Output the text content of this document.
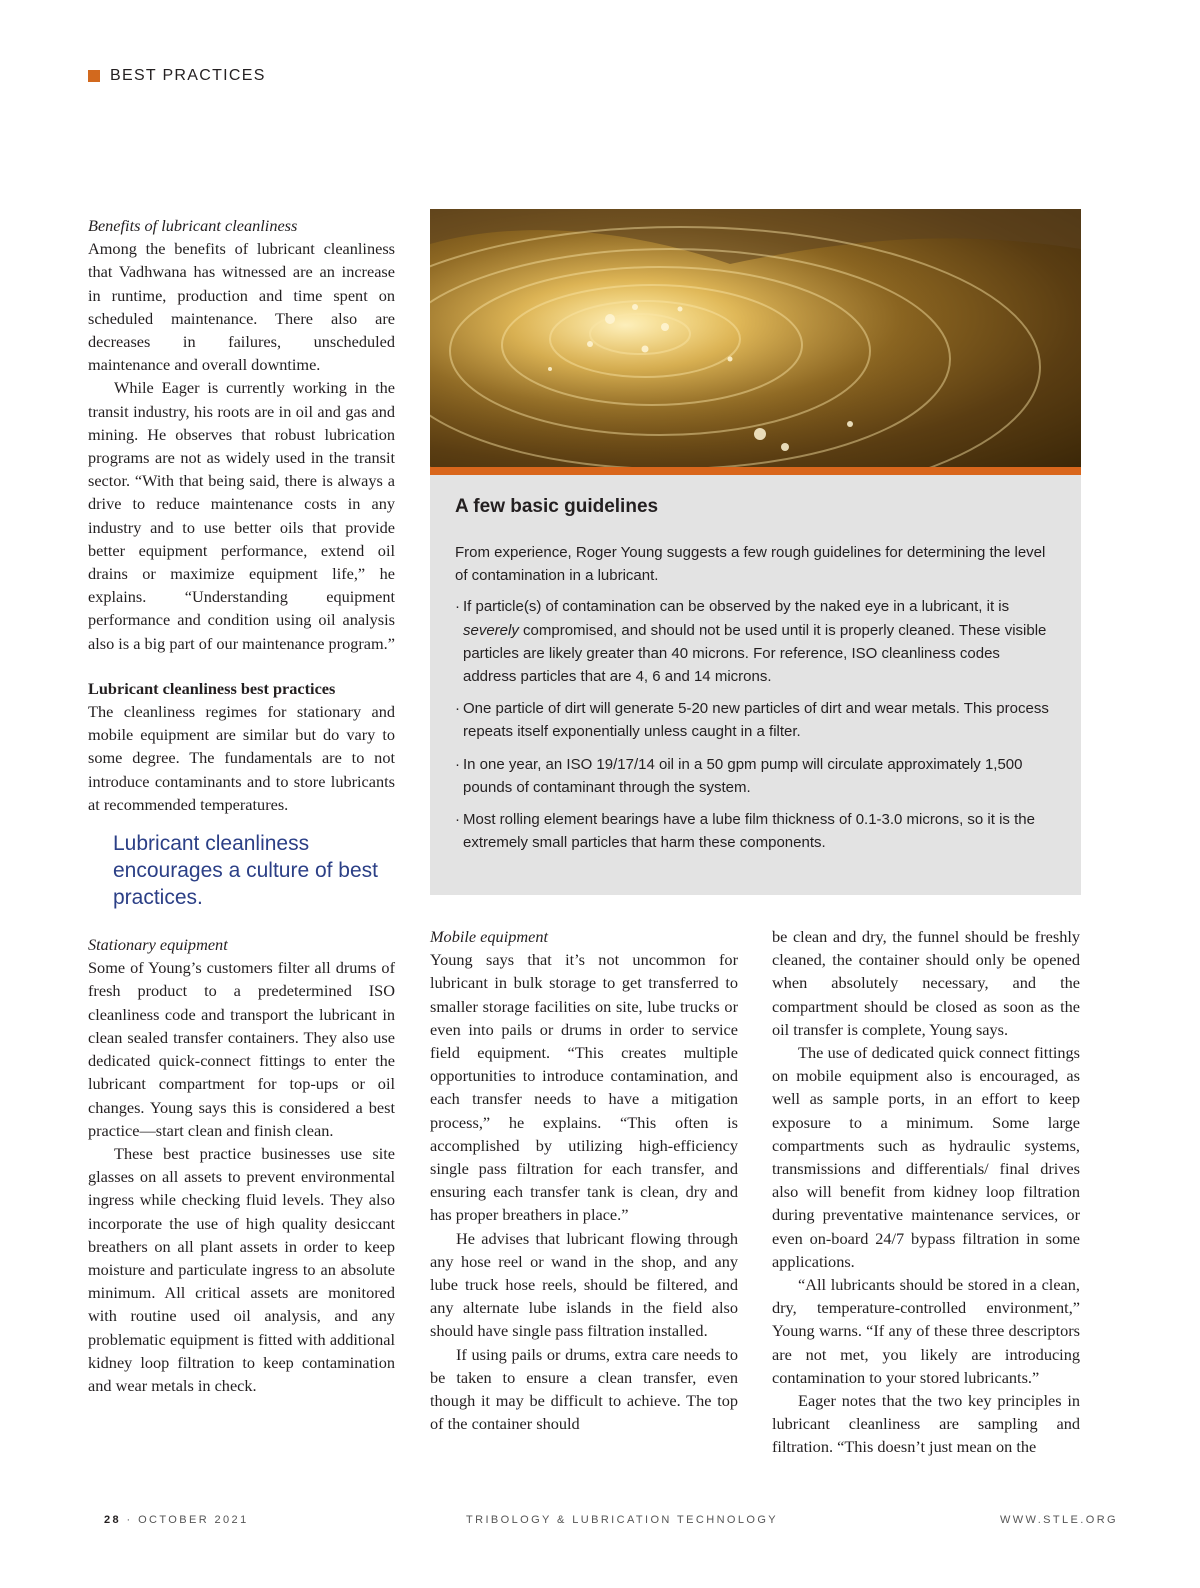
BEST PRACTICES

Benefits of lubricant cleanliness

Among the benefits of lubricant cleanliness that Vadhwana has witnessed are an increase in runtime, production and time spent on scheduled maintenance. There also are decreases in failures, unscheduled maintenance and overall downtime.

While Eager is currently working in the transit industry, his roots are in oil and gas and mining. He observes that robust lubrication programs are not as widely used in the transit sector. “With that being said, there is always a drive to reduce maintenance costs in any industry and to use better oils that provide better equipment performance, extend oil drains or maximize equipment life,” he explains. “Understanding equipment performance and condition using oil analysis also is a big part of our maintenance program.”

Lubricant cleanliness best practices

The cleanliness regimes for stationary and mobile equipment are similar but do vary to some degree. The fundamentals are to not introduce contaminants and to store lubricants at recommended temperatures.

Lubricant cleanliness encourages a culture of best practices.

Stationary equipment

Some of Young’s customers filter all drums of fresh product to a predetermined ISO cleanliness code and transport the lubricant in clean sealed transfer containers. They also use dedicated quick-connect fittings to enter the lubricant compartment for top-ups or oil changes. Young says this is considered a best practice—start clean and finish clean.

These best practice businesses use site glasses on all assets to prevent environmental ingress while checking fluid levels. They also incorporate the use of high quality desiccant breathers on all plant assets in order to keep moisture and particulate ingress to an absolute minimum. All critical assets are monitored with routine used oil analysis, and any problematic equipment is fitted with additional kidney loop filtration to keep contamination and wear metals in check.

A few basic guidelines

From experience, Roger Young suggests a few rough guidelines for determining the level of contamination in a lubricant.

· If particle(s) of contamination can be observed by the naked eye in a lubricant, it is severely compromised, and should not be used until it is properly cleaned. These visible particles are likely greater than 40 microns. For reference, ISO cleanliness codes address particles that are 4, 6 and 14 microns.
· One particle of dirt will generate 5-20 new particles of dirt and wear metals. This process repeats itself exponentially unless caught in a filter.
· In one year, an ISO 19/17/14 oil in a 50 gpm pump will circulate approximately 1,500 pounds of contaminant through the system.
· Most rolling element bearings have a lube film thickness of 0.1-3.0 microns, so it is the extremely small particles that harm these components.

Mobile equipment

Young says that it’s not uncommon for lubricant in bulk storage to get transferred to smaller storage facilities on site, lube trucks or even into pails or drums in order to service field equipment. “This creates multiple opportunities to introduce contamination, and each transfer needs to have a mitigation process,” he explains. “This often is accomplished by utilizing high-efficiency single pass filtration for each transfer, and ensuring each transfer tank is clean, dry and has proper breathers in place.”

He advises that lubricant flowing through any hose reel or wand in the shop, and any lube truck hose reels, should be filtered, and any alternate lube islands in the field also should have single pass filtration installed.

If using pails or drums, extra care needs to be taken to ensure a clean transfer, even though it may be difficult to achieve. The top of the container should

be clean and dry, the funnel should be freshly cleaned, the container should only be opened when absolutely necessary, and the compartment should be closed as soon as the oil transfer is complete, Young says.

The use of dedicated quick connect fittings on mobile equipment also is encouraged, as well as sample ports, in an effort to keep exposure to a minimum. Some large compartments such as hydraulic systems, transmissions and differentials/ final drives also will benefit from kidney loop filtration during preventative maintenance services, or even on-board 24/7 bypass filtration in some applications.

“All lubricants should be stored in a clean, dry, temperature-controlled environment,” Young warns. “If any of these three descriptors are not met, you likely are introducing contamination to your stored lubricants.”

Eager notes that the two key principles in lubricant cleanliness are sampling and filtration. “This doesn’t just mean on the

28 · OCTOBER 2021	TRIBOLOGY & LUBRICATION TECHNOLOGY	WWW.STLE.ORG
